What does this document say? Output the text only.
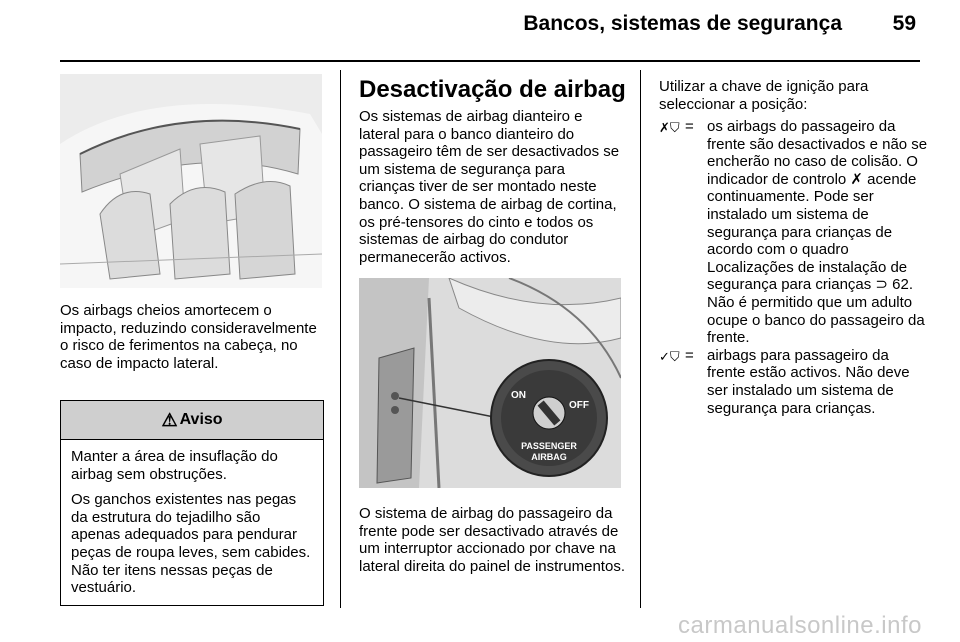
Bancos, sistemas de segurança 59
Os airbags cheios amortecem o impacto, reduzindo consideravelmente o risco de ferimentos na cabeça, no caso de impacto lateral.
⚠ Aviso

Manter a área de insuflação do airbag sem obstruções.

Os ganchos existentes nas pegas da estrutura do tejadilho são apenas adequados para pendurar peças de roupa leves, sem cabides. Não ter itens nessas peças de vestuário.

Desactivação de airbag
Os sistemas de airbag dianteiro e lateral para o banco dianteiro do passageiro têm de ser desactivados se um sistema de segurança para crianças tiver de ser montado neste banco. O sistema de airbag de cortina, os pré-tensores do cinto e todos os sistemas de airbag do condutor permanecerão activos.
ON
OFF
PASSENGER
AIRBAG
O sistema de airbag do passageiro da frente pode ser desactivado através de um interruptor accionado por chave na lateral direita do painel de instrumentos.
Utilizar a chave de ignição para seleccionar a posição:
✗⛉ = os airbags do passageiro da frente são desactivados e não se encherão no caso de colisão. O indicador de controlo ✗ acende continuamente. Pode ser instalado um sistema de segurança para crianças de acordo com o quadro Localizações de instalação de segurança para crianças ⊃ 62. Não é permitido que um adulto ocupe o banco do passageiro da frente.
✓⛉ = airbags para passageiro da frente estão activos. Não deve ser instalado um sistema de segurança para crianças.
carmanualsonline.info
